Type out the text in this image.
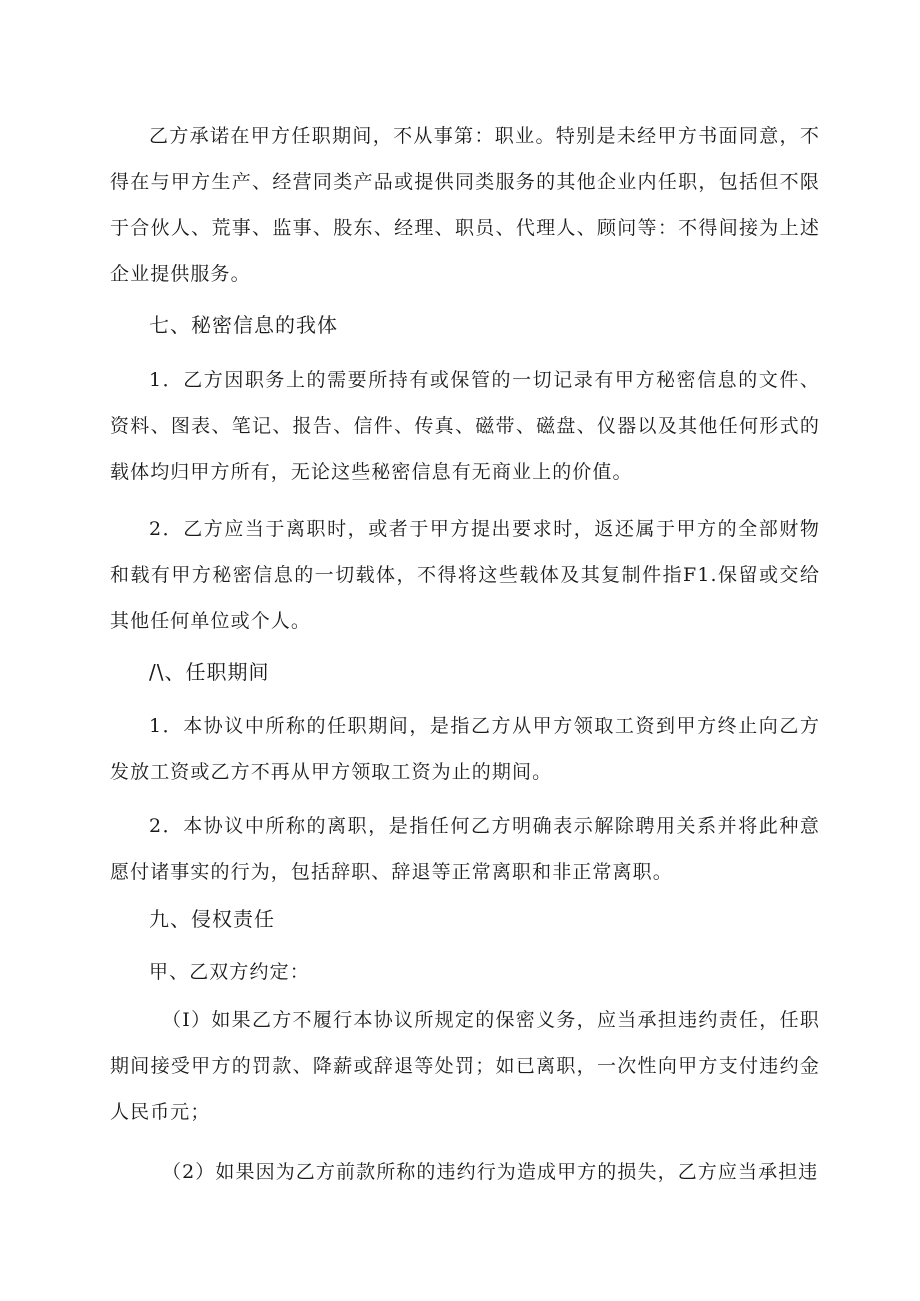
乙方承诺在甲方任职期间，不从事第：职业。特别是未经甲方书面同意，不得在与甲方生产、经营同类产品或提供同类服务的其他企业内任职，包括但不限于合伙人、荒事、监事、股东、经理、职员、代理人、顾问等：不得间接为上述企业提供服务。

七、秘密信息的我体

1．乙方因职务上的需要所持有或保管的一切记录有甲方秘密信息的文件、资料、图表、笔记、报告、信件、传真、磁带、磁盘、仪器以及其他任何形式的载体均归甲方所有，无论这些秘密信息有无商业上的价值。

2．乙方应当于离职时，或者于甲方提出要求时，返还属于甲方的全部财物和载有甲方秘密信息的一切载体，不得将这些载体及其复制件指F1.保留或交给其他任何单位或个人。

/\、任职期间

1．本协议中所称的任职期间，是指乙方从甲方领取工资到甲方终止向乙方发放工资或乙方不再从甲方领取工资为止的期间。

2．本协议中所称的离职，是指任何乙方明确表示解除聘用关系并将此种意愿付诸事实的行为，包括辞职、辞退等正常离职和非正常离职。

九、侵权责任

甲、乙双方约定：

（I）如果乙方不履行本协议所规定的保密义务，应当承担违约责任，任职期间接受甲方的罚款、降薪或辞退等处罚；如已离职，一次性向甲方支付违约金人民币元；

（2）如果因为乙方前款所称的违约行为造成甲方的损失，乙方应当承担违
